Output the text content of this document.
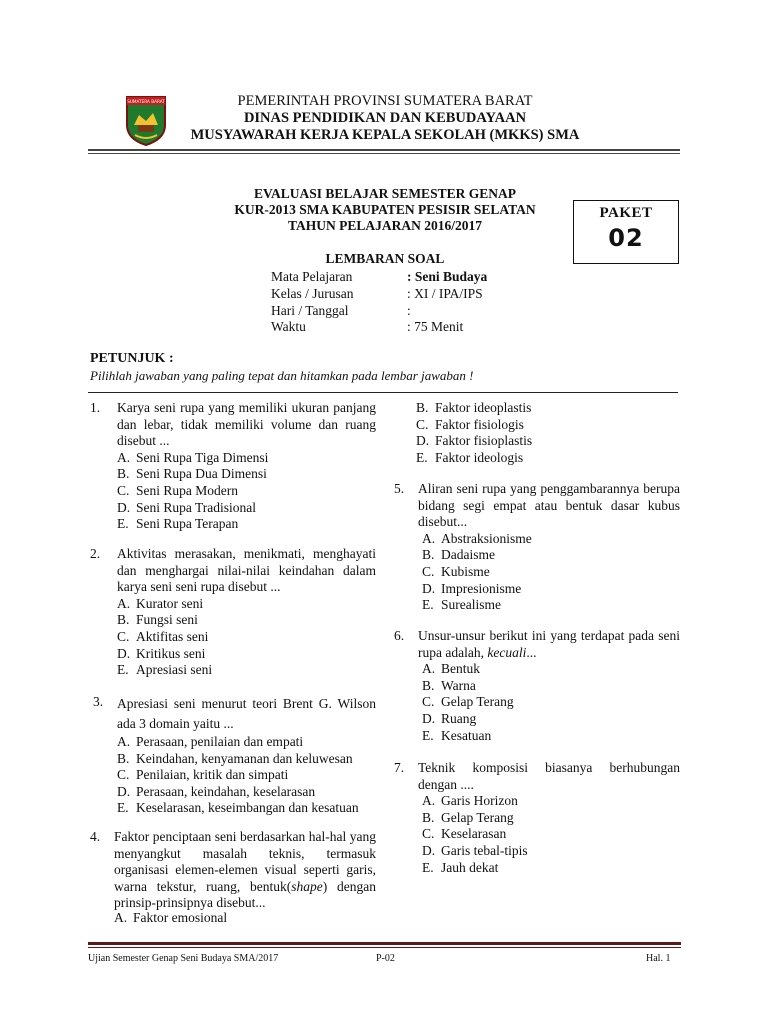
SUMATERA BARAT	PEMERINTAH PROVINSI SUMATERA BARAT
DINAS PENDIDIKAN DAN KEBUDAYAAN
MUSYAWARAH KERJA KEPALA SEKOLAH (MKKS) SMA
EVALUASI BELAJAR SEMESTER GENAP
KUR-2013 SMA KABUPATEN PESISIR SELATAN
TAHUN PELAJARAN 2016/2017
LEMBARAN SOAL
PAKET
02
Mata Pelajaran	: Seni Budaya
Kelas / Jurusan	: XI / IPA/IPS
Hari / Tanggal	:
Waktu	: 75 Menit
PETUNJUK :
Pilihlah jawaban yang paling tepat dan hitamkan pada lembar jawaban !
1. Karya seni rupa yang memiliki ukuran panjang dan lebar, tidak memiliki volume dan ruang disebut ...
A. Seni Rupa Tiga Dimensi
B. Seni Rupa Dua Dimensi
C. Seni Rupa Modern
D. Seni Rupa Tradisional
E. Seni Rupa Terapan
2. Aktivitas merasakan, menikmati, menghayati dan menghargai nilai-nilai keindahan dalam karya seni seni rupa disebut ...
A. Kurator seni
B. Fungsi seni
C. Aktifitas seni
D. Kritikus seni
E. Apresiasi seni
3. Apresiasi seni menurut teori Brent G. Wilson ada 3 domain yaitu ...
A. Perasaan, penilaian dan empati
B. Keindahan, kenyamanan dan keluwesan
C. Penilaian, kritik dan simpati
D. Perasaan, keindahan, keselarasan
E. Keselarasan, keseimbangan dan kesatuan
4. Faktor penciptaan seni berdasarkan hal-hal yang menyangkut masalah teknis, termasuk organisasi elemen-elemen visual seperti garis, warna tekstur, ruang, bentuk(shape) dengan prinsip-prinsipnya disebut...
A. Faktor emosional
B. Faktor ideoplastis
C. Faktor fisiologis
D. Faktor fisioplastis
E. Faktor ideologis
5. Aliran seni rupa yang penggambarannya berupa bidang segi empat atau bentuk dasar kubus disebut...
A. Abstraksionisme
B. Dadaisme
C. Kubisme
D. Impresionisme
E. Surealisme
6. Unsur-unsur berikut ini yang terdapat pada seni rupa adalah, kecuali...
A. Bentuk
B. Warna
C. Gelap Terang
D. Ruang
E. Kesatuan
7. Teknik komposisi biasanya berhubungan dengan ....
A. Garis Horizon
B. Gelap Terang
C. Keselarasan
D. Garis tebal-tipis
E. Jauh dekat
Ujian Semester Genap Seni Budaya SMA/2017	P-02	Hal. 1
